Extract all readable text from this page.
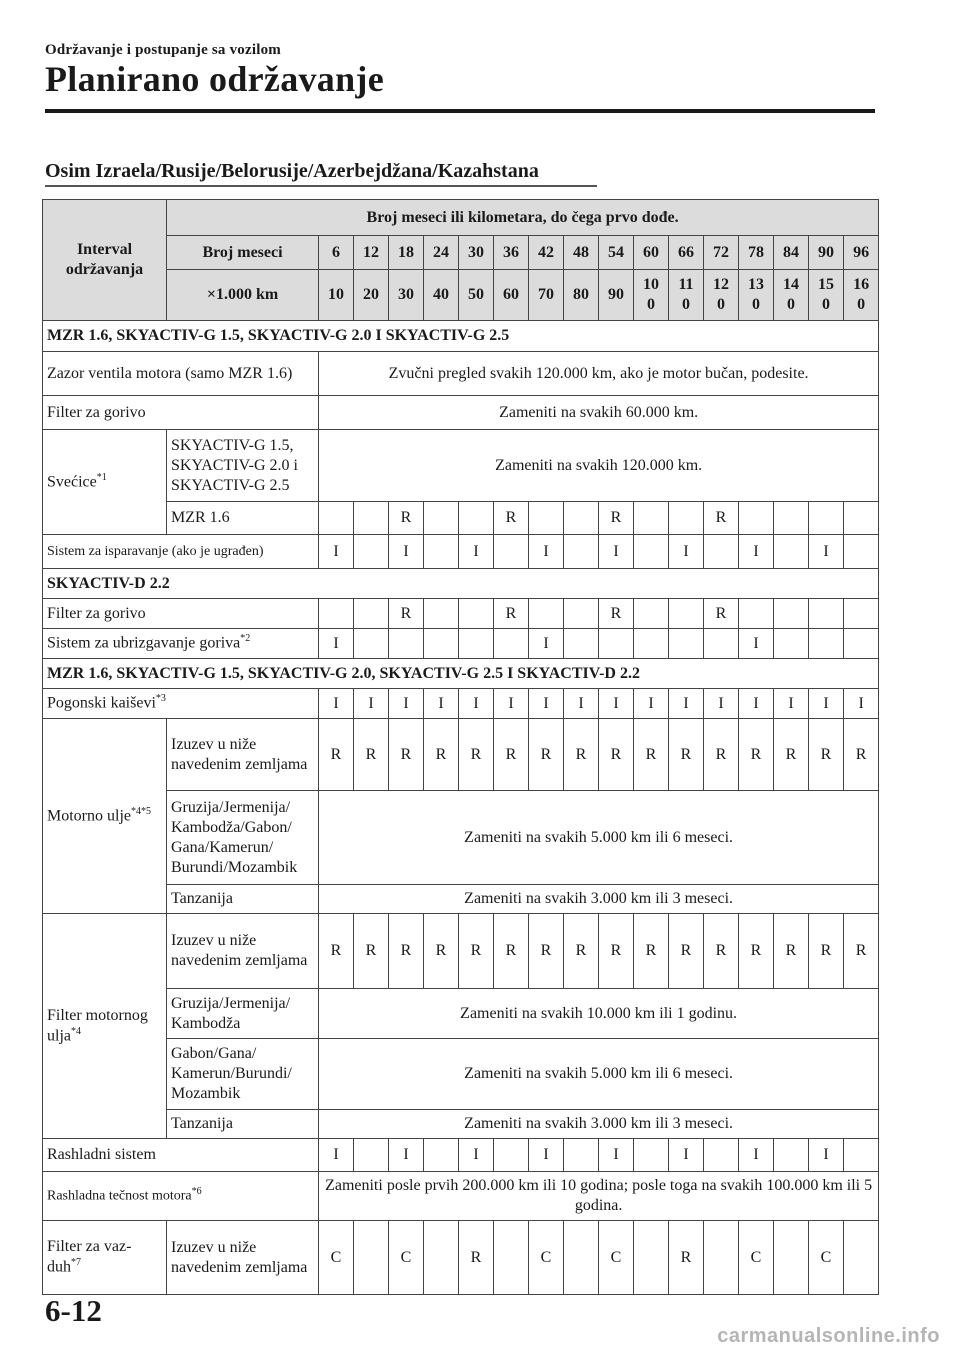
Održavanje i postupanje sa vozilom
Planirano održavanje
Osim Izraela/Rusije/Belorusije/Azerbejdžana/Kazahstana
Interval održavanja	Broj meseci ili kilometara, do čega prvo dođe.																
	Broj meseci	6	12	18	24	30	36	42	48	54	60	66	72	78	84	90	96
	×1.000 km	10	20	30	40	50	60	70	80	90	10 0	11 0	12 0	13 0	14 0	15 0	16 0
MZR 1.6, SKYACTIV-G 1.5, SKYACTIV-G 2.0 I SKYACTIV-G 2.5																	
Zazor ventila motora (samo MZR 1.6)		Zvučni pregled svakih 120.000 km, ako je motor bučan, podesite.															
Filter za gorivo		Zameniti na svakih 60.000 km.															
Svećice$^{*1}$	SKYACTIV-G 1.5, SKYACTIV-G 2.0 i SKYACTIV-G 2.5	Zameniti na svakih 120.000 km.															
	MZR 1.6			R			R			R			R				
Sistem za isparavanje (ako je ugrađen)		I		I		I		I		I		I		I		I	
SKYACTIV-D 2.2																	
Filter za gorivo				R			R			R			R				
Sistem za ubrizgavanje goriva$^{*2}$		I						I						I			
MZR 1.6, SKYACTIV-G 1.5, SKYACTIV-G 2.0, SKYACTIV-G 2.5 I SKYACTIV-D 2.2																	
Pogonski kaiševi$^{*3}$		I	I	I	I	I	I	I	I	I	I	I	I	I	I	I	I
Motorno ulje$^{*4*5}$	Izuzev u niže navedenim zemljama	R	R	R	R	R	R	R	R	R	R	R	R	R	R	R	R
	Gruzija/Jermenija/ Kambodža/Gabon/ Gana/Kamerun/ Burundi/Mozambik	Zameniti na svakih 5.000 km ili 6 meseci.															
	Tanzanija	Zameniti na svakih 3.000 km ili 3 meseci.															
Filter motornog ulja$^{*4}$	Izuzev u niže navedenim zemljama	R	R	R	R	R	R	R	R	R	R	R	R	R	R	R	R
	Gruzija/Jermenija/ Kambodža	Zameniti na svakih 10.000 km ili 1 godinu.															
	Gabon/Gana/ Kamerun/Burundi/ Mozambik	Zameniti na svakih 5.000 km ili 6 meseci.															
	Tanzanija	Zameniti na svakih 3.000 km ili 3 meseci.															
Rashladni sistem		I		I		I		I		I		I		I		I	
Rashladna tečnost motora$^{*6}$		Zameniti posle prvih 200.000 km ili 10 godina; posle toga na svakih 100.000 km ili 5 godina.															
Filter za vaz- duh$^{*7}$	Izuzev u niže navedenim zemljama	C		C		R		C		C		R		C		C	
6-12
carmanualsonline.info
